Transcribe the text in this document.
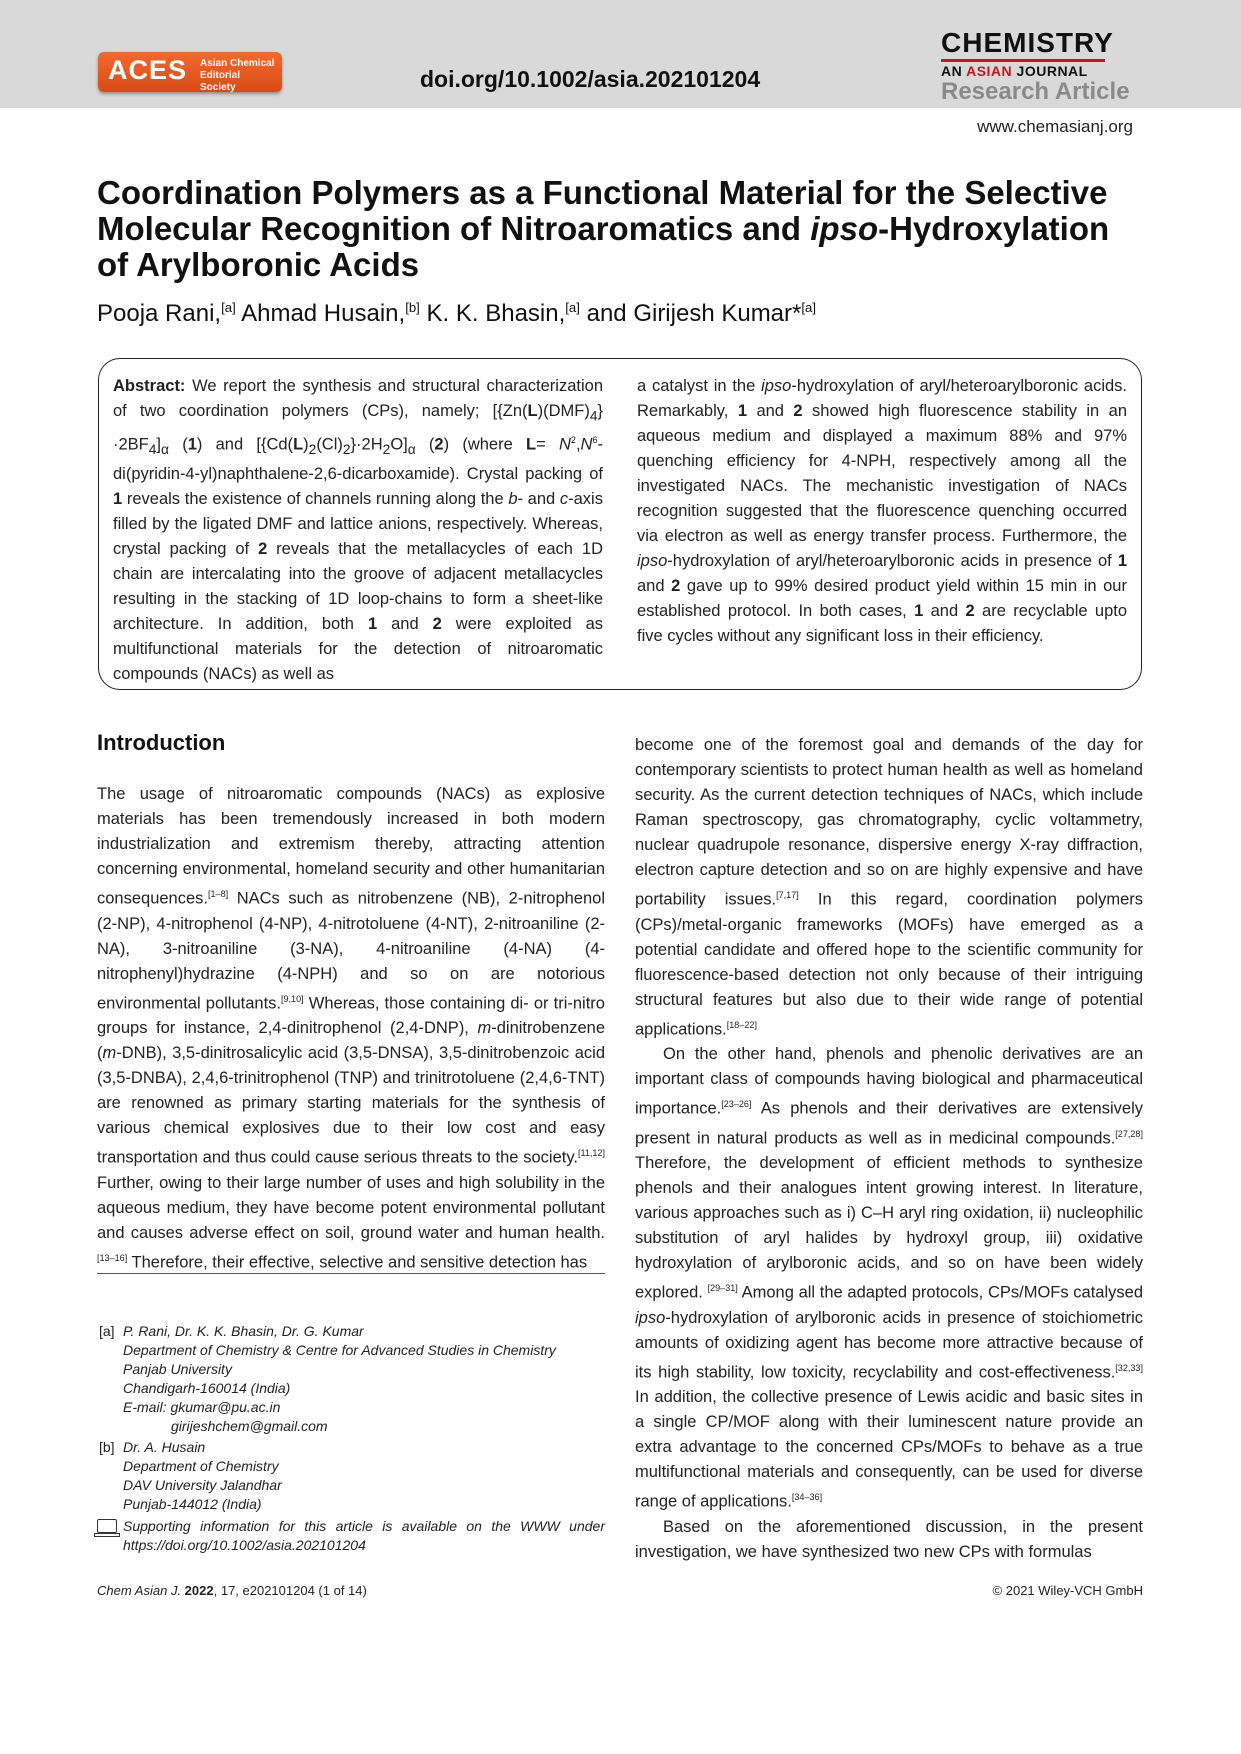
ACES Asian Chemical Editorial Society	doi.org/10.1002/asia.202101204
CHEMISTRY
AN ASIAN JOURNAL
Research Article
www.chemasianj.org
Coordination Polymers as a Functional Material for the Selective Molecular Recognition of Nitroaromatics and ipso-Hydroxylation of Arylboronic Acids
Pooja Rani,[a] Ahmad Husain,[b] K. K. Bhasin,[a] and Girijesh Kumar*[a]
Abstract: We report the synthesis and structural characterization of two coordination polymers (CPs), namely; $[\{Zn(L)(DMF)_4\}\cdot 2BF_4]_\alpha$ (1) and $[\{Cd(L)_2(Cl)_2\}\cdot 2H_2O]_\alpha$ (2) (where $L= N^2,N^6-di(pyridin-4-yl)naphthalene-2,6-dicarboxamide$). Crystal packing of 1 reveals the existence of channels running along the b- and c-axis filled by the ligated DMF and lattice anions, respectively. Whereas, crystal packing of 2 reveals that the metallacycles of each 1D chain are intercalating into the groove of adjacent metallacycles resulting in the stacking of 1D loop-chains to form a sheet-like architecture. In addition, both 1 and 2 were exploited as multifunctional materials for the detection of nitroaromatic compounds (NACs) as well as
a catalyst in the ipso-hydroxylation of aryl/heteroarylboronic acids. Remarkably, 1 and 2 showed high fluorescence stability in an aqueous medium and displayed a maximum 88% and 97% quenching efficiency for 4-NPH, respectively among all the investigated NACs. The mechanistic investigation of NACs recognition suggested that the fluorescence quenching occurred via electron as well as energy transfer process. Furthermore, the ipso-hydroxylation of aryl/heteroarylboronic acids in presence of 1 and 2 gave up to 99% desired product yield within 15 min in our established protocol. In both cases, 1 and 2 are recyclable upto five cycles without any significant loss in their efficiency.
Introduction

The usage of nitroaromatic compounds (NACs) as explosive materials has been tremendously increased in both modern industrialization and extremism thereby, attracting attention concerning environmental, homeland security and other humanitarian consequences.[1–8] NACs such as nitrobenzene (NB), 2-nitrophenol (2-NP), 4-nitrophenol (4-NP), 4-nitrotoluene (4-NT), 2-nitroaniline (2-NA), 3-nitroaniline (3-NA), 4-nitroaniline (4-NA) (4-nitrophenyl)hydrazine (4-NPH) and so on are notorious environmental pollutants.[9,10] Whereas, those containing di- or tri-nitro groups for instance, 2,4-dinitrophenol (2,4-DNP), m-dinitrobenzene (m-DNB), 3,5-dinitrosalicylic acid (3,5-DNSA), 3,5-dinitrobenzoic acid (3,5-DNBA), 2,4,6-trinitrophenol (TNP) and trinitrotoluene (2,4,6-TNT) are renowned as primary starting materials for the synthesis of various chemical explosives due to their low cost and easy transportation and thus could cause serious threats to the society.[11,12] Further, owing to their large number of uses and high solubility in the aqueous medium, they have become potent environmental pollutant and causes adverse effect on soil, ground water and human health.[13–16] Therefore, their effective, selective and sensitive detection has

become one of the foremost goal and demands of the day for contemporary scientists to protect human health as well as homeland security. As the current detection techniques of NACs, which include Raman spectroscopy, gas chromatography, cyclic voltammetry, nuclear quadrupole resonance, dispersive energy X-ray diffraction, electron capture detection and so on are highly expensive and have portability issues.[7,17] In this regard, coordination polymers (CPs)/metal-organic frameworks (MOFs) have emerged as a potential candidate and offered hope to the scientific community for fluorescence-based detection not only because of their intriguing structural features but also due to their wide range of potential applications.[18–22]

On the other hand, phenols and phenolic derivatives are an important class of compounds having biological and pharmaceutical importance.[23–26] As phenols and their derivatives are extensively present in natural products as well as in medicinal compounds.[27,28] Therefore, the development of efficient methods to synthesize phenols and their analogues intent growing interest. In literature, various approaches such as i) C–H aryl ring oxidation, ii) nucleophilic substitution of aryl halides by hydroxyl group, iii) oxidative hydroxylation of arylboronic acids, and so on have been widely explored. [29–31] Among all the adapted protocols, CPs/MOFs catalysed ipso-hydroxylation of arylboronic acids in presence of stoichiometric amounts of oxidizing agent has become more attractive because of its high stability, low toxicity, recyclability and cost-effectiveness.[32,33] In addition, the collective presence of Lewis acidic and basic sites in a single CP/MOF along with their luminescent nature provide an extra advantage to the concerned CPs/MOFs to behave as a true multifunctional materials and consequently, can be used for diverse range of applications.[34–36]

Based on the aforementioned discussion, in the present investigation, we have synthesized two new CPs with formulas

[a] P. Rani, Dr. K. K. Bhasin, Dr. G. Kumar
Department of Chemistry & Centre for Advanced Studies in Chemistry
Panjab University
Chandigarh-160014 (India)
E-mail: gkumar@pu.ac.in
girijeshchem@gmail.com
[b] Dr. A. Husain
Department of Chemistry
DAV University Jalandhar
Punjab-144012 (India)
Supporting information for this article is available on the WWW under https://doi.org/10.1002/asia.202101204
Chem Asian J. 2022, 17, e202101204 (1 of 14)	© 2021 Wiley-VCH GmbH
